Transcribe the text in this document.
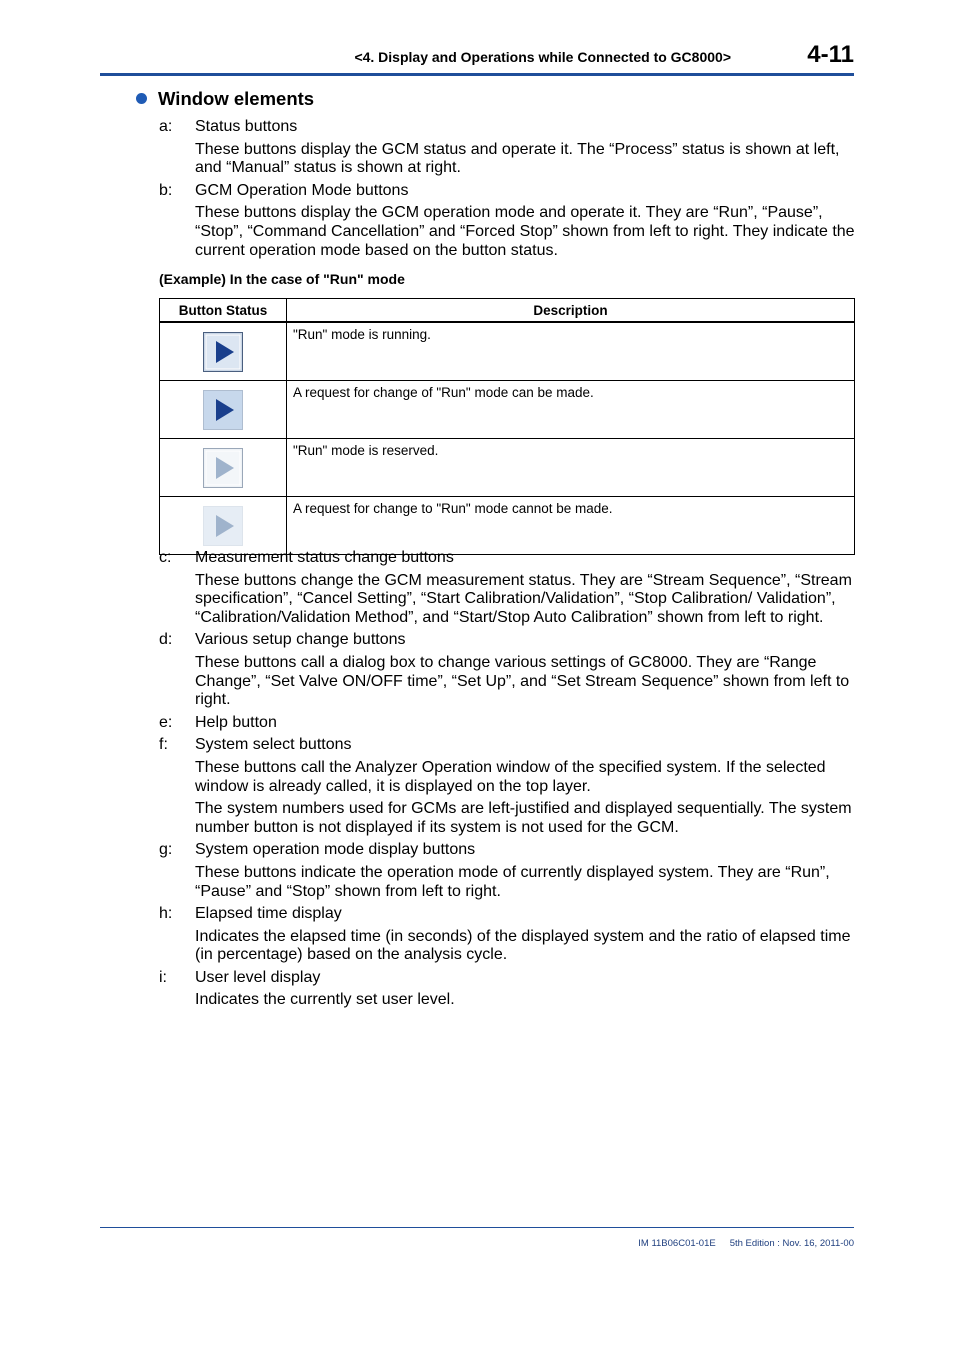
<4. Display and Operations while Connected to GC8000>	4-11
Window elements
a:	Status buttons
These buttons display the GCM status and operate it. The “Process” status is shown at left, and “Manual” status is shown at right.
b:	GCM Operation Mode buttons
These buttons display the GCM operation mode and operate it. They are “Run”, “Pause”, “Stop”, “Command Cancellation” and “Forced Stop” shown from left to right. They indicate the current operation mode based on the button status.
(Example) In the case of "Run" mode
Button Status	Description

	"Run" mode is running.

	A request for change of "Run" mode can be made.

	"Run" mode is reserved.

	A request for change to "Run" mode cannot be made.
c:	Measurement status change buttons
These buttons change the GCM measurement status. They are “Stream Sequence”, “Stream specification”, “Cancel Setting”, “Start Calibration/Validation”, “Stop Calibration/ Validation”, “Calibration/Validation Method”, and “Start/Stop Auto Calibration” shown from left to right.
d:	Various setup change buttons
These buttons call a dialog box to change various settings of GC8000. They are “Range Change”, “Set Valve ON/OFF time”, “Set Up”, and “Set Stream Sequence” shown from left to right.
e:	Help button
f:	System select buttons
These buttons call the Analyzer Operation window of the specified system. If the selected window is already called, it is displayed on the top layer.
The system numbers used for GCMs are left-justified and displayed sequentially. The system number button is not displayed if its system is not used for the GCM.
g:	System operation mode display buttons
These buttons indicate the operation mode of currently displayed system. They are “Run”, “Pause” and “Stop” shown from left to right.
h:	Elapsed time display
Indicates the elapsed time (in seconds) of the displayed system and the ratio of elapsed time (in percentage) based on the analysis cycle.
i:	User level display
Indicates the currently set user level.
IM 11B06C01-01E 5th Edition : Nov. 16, 2011-00
